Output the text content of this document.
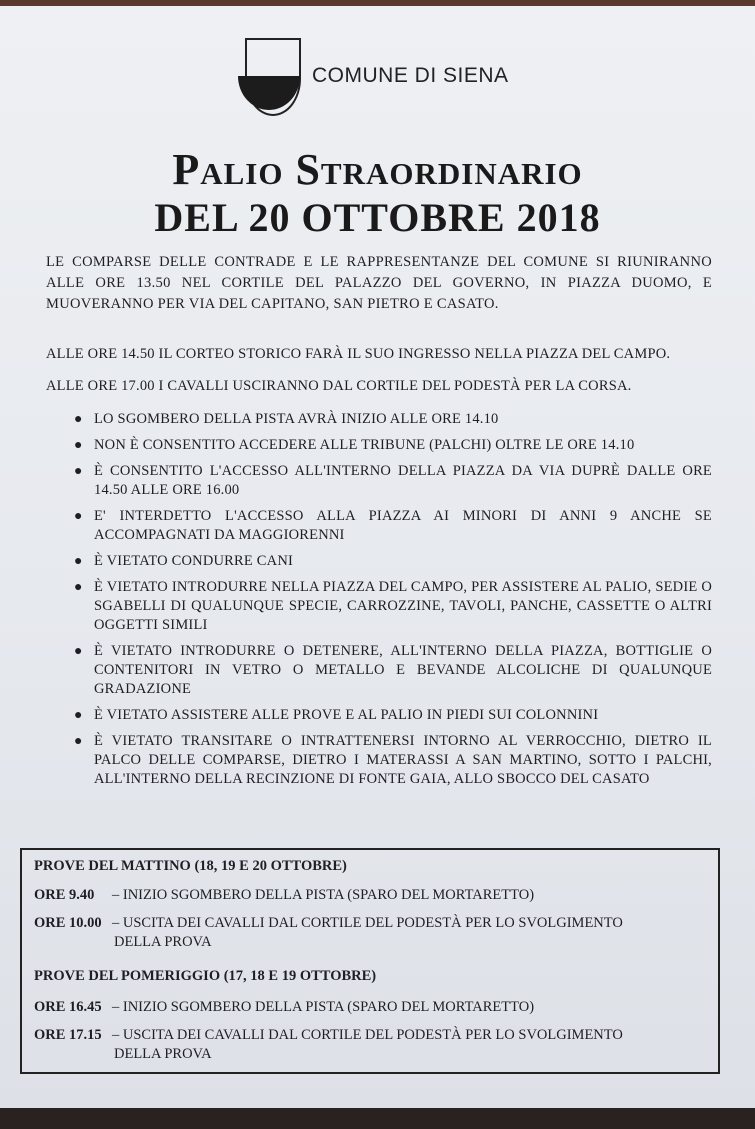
COMUNE DI SIENA
Palio Straordinario
DEL 20 OTTOBRE 2018
LE COMPARSE DELLE CONTRADE E LE RAPPRESENTANZE DEL COMUNE SI RIUNIRANNO ALLE ORE 13.50 NEL CORTILE DEL PALAZZO DEL GOVERNO, IN PIAZZA DUOMO, E MUOVERANNO PER VIA DEL CAPITANO, SAN PIETRO E CASATO.
ALLE ORE 14.50 IL CORTEO STORICO FARÀ IL SUO INGRESSO NELLA PIAZZA DEL CAMPO.
ALLE ORE 17.00 I CAVALLI USCIRANNO DAL CORTILE DEL PODESTÀ PER LA CORSA.
● LO SGOMBERO DELLA PISTA AVRÀ INIZIO ALLE ORE 14.10
● NON È CONSENTITO ACCEDERE ALLE TRIBUNE (PALCHI) OLTRE LE ORE 14.10
● È CONSENTITO L'ACCESSO ALL'INTERNO DELLA PIAZZA DA VIA DUPRÈ DALLE ORE 14.50 ALLE ORE 16.00
● E' INTERDETTO L'ACCESSO ALLA PIAZZA AI MINORI DI ANNI 9 ANCHE SE ACCOMPAGNATI DA MAGGIORENNI
● È VIETATO CONDURRE CANI
● È VIETATO INTRODURRE NELLA PIAZZA DEL CAMPO, PER ASSISTERE AL PALIO, SEDIE O SGABELLI DI QUALUNQUE SPECIE, CARROZZINE, TAVOLI, PANCHE, CASSETTE O ALTRI OGGETTI SIMILI
● È VIETATO INTRODURRE O DETENERE, ALL'INTERNO DELLA PIAZZA, BOTTIGLIE O CONTENITORI IN VETRO O METALLO E BEVANDE ALCOLICHE DI QUALUNQUE GRADAZIONE
● È VIETATO ASSISTERE ALLE PROVE E AL PALIO IN PIEDI SUI COLONNINI
● È VIETATO TRANSITARE O INTRATTENERSI INTORNO AL VERROCCHIO, DIETRO IL PALCO DELLE COMPARSE, DIETRO I MATERASSI A SAN MARTINO, SOTTO I PALCHI, ALL'INTERNO DELLA RECINZIONE DI FONTE GAIA, ALLO SBOCCO DEL CASATO
PROVE DEL MATTINO (18, 19 E 20 OTTOBRE)
ORE 9.40 – INIZIO SGOMBERO DELLA PISTA (SPARO DEL MORTARETTO)
ORE 10.00 – USCITA DEI CAVALLI DAL CORTILE DEL PODESTÀ PER LO SVOLGIMENTO
DELLA PROVA
PROVE DEL POMERIGGIO (17, 18 E 19 OTTOBRE)
ORE 16.45 – INIZIO SGOMBERO DELLA PISTA (SPARO DEL MORTARETTO)
ORE 17.15 – USCITA DEI CAVALLI DAL CORTILE DEL PODESTÀ PER LO SVOLGIMENTO
DELLA PROVA
